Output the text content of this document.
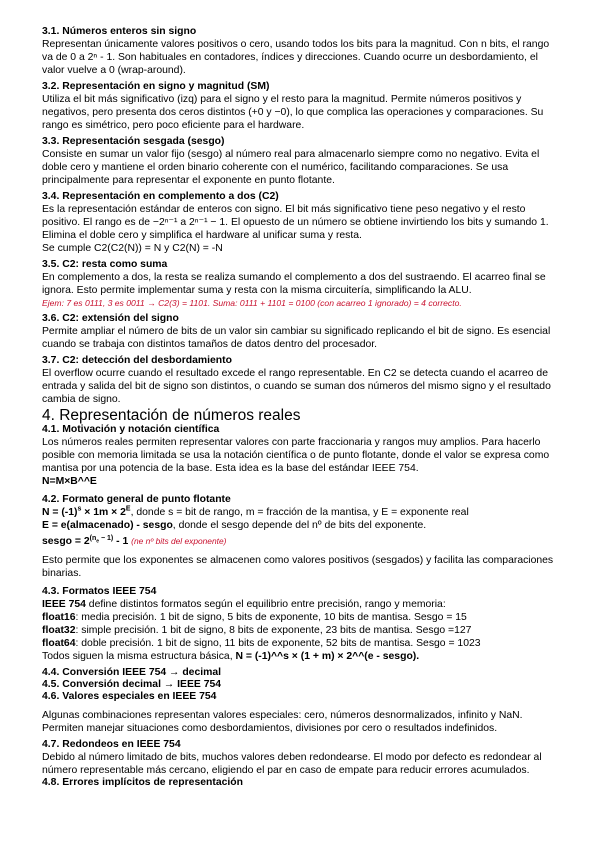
3.1. Números enteros sin signo

Representan únicamente valores positivos o cero, usando todos los bits para la magnitud. Con n bits, el rango va de 0 a 2ⁿ - 1. Son habituales en contadores, índices y direcciones. Cuando ocurre un desbordamiento, el valor vuelve a 0 (wrap-around).

3.2. Representación en signo y magnitud (SM)

Utiliza el bit más significativo (izq) para el signo y el resto para la magnitud. Permite números positivos y negativos, pero presenta dos ceros distintos (+0 y −0), lo que complica las operaciones y comparaciones. Su rango es simétrico, pero poco eficiente para el hardware.

3.3. Representación sesgada (sesgo)

Consiste en sumar un valor fijo (sesgo) al número real para almacenarlo siempre como no negativo. Evita el doble cero y mantiene el orden binario coherente con el numérico, facilitando comparaciones. Se usa principalmente para representar el exponente en punto flotante.

3.4. Representación en complemento a dos (C2)

Es la representación estándar de enteros con signo. El bit más significativo tiene peso negativo y el resto positivo. El rango es de −2ⁿ⁻¹ a 2ⁿ⁻¹ − 1. El opuesto de un número se obtiene invirtiendo los bits y sumando 1. Elimina el doble cero y simplifica el hardware al unificar suma y resta.

Se cumple C2(C2(N)) = N y C2(N) = -N

3.5. C2: resta como suma

En complemento a dos, la resta se realiza sumando el complemento a dos del sustraendo. El acarreo final se ignora. Esto permite implementar suma y resta con la misma circuitería, simplificando la ALU.

Ejem: 7 es 0111, 3 es 0011 → C2(3) = 1101. Suma: 0111 + 1101 = 0100 (con acarreo 1 ignorado) = 4 correcto.

3.6. C2: extensión del signo

Permite ampliar el número de bits de un valor sin cambiar su significado replicando el bit de signo. Es esencial cuando se trabaja con distintos tamaños de datos dentro del procesador.

3.7. C2: detección del desbordamiento

El overflow ocurre cuando el resultado excede el rango representable. En C2 se detecta cuando el acarreo de entrada y salida del bit de signo son distintos, o cuando se suman dos números del mismo signo y el resultado cambia de signo.

4. Representación de números reales

4.1. Motivación y notación científica

Los números reales permiten representar valores con parte fraccionaria y rangos muy amplios. Para hacerlo posible con memoria limitada se usa la notación científica o de punto flotante, donde el valor se expresa como mantisa por una potencia de la base. Esta idea es la base del estándar IEEE 754.

N=M×B^^E

4.2. Formato general de punto flotante

$N = (-1)^s \times 1m \times 2^E$, donde s = bit de rango, m = fracción de la mantisa, y E = exponente real

E = e(almacenado) - sesgo, donde el sesgo depende del nº de bits del exponente.

sesgo = $2^{(n_e - 1)} - 1$ (ne nº bits del exponente)

Esto permite que los exponentes se almacenen como valores positivos (sesgados) y facilita las comparaciones binarias.

4.3. Formatos IEEE 754

IEEE 754 define distintos formatos según el equilibrio entre precisión, rango y memoria:

float16: media precisión. 1 bit de signo, 5 bits de exponente, 10 bits de mantisa. Sesgo = 15

float32: simple precisión. 1 bit de signo, 8 bits de exponente, 23 bits de mantisa. Sesgo =127

float64: doble precisión. 1 bit de signo, 11 bits de exponente, 52 bits de mantisa. Sesgo = 1023

Todos siguen la misma estructura básica, N = (-1)^^s × (1 + m) × 2^^(e - sesgo).

4.4. Conversión IEEE 754 → decimal

4.5. Conversión decimal → IEEE 754

4.6. Valores especiales en IEEE 754

Algunas combinaciones representan valores especiales: cero, números desnormalizados, infinito y NaN. Permiten manejar situaciones como desbordamientos, divisiones por cero o resultados indefinidos.

4.7. Redondeos en IEEE 754

Debido al número limitado de bits, muchos valores deben redondearse. El modo por defecto es redondear al número representable más cercano, eligiendo el par en caso de empate para reducir errores acumulados.

4.8. Errores implícitos de representación
